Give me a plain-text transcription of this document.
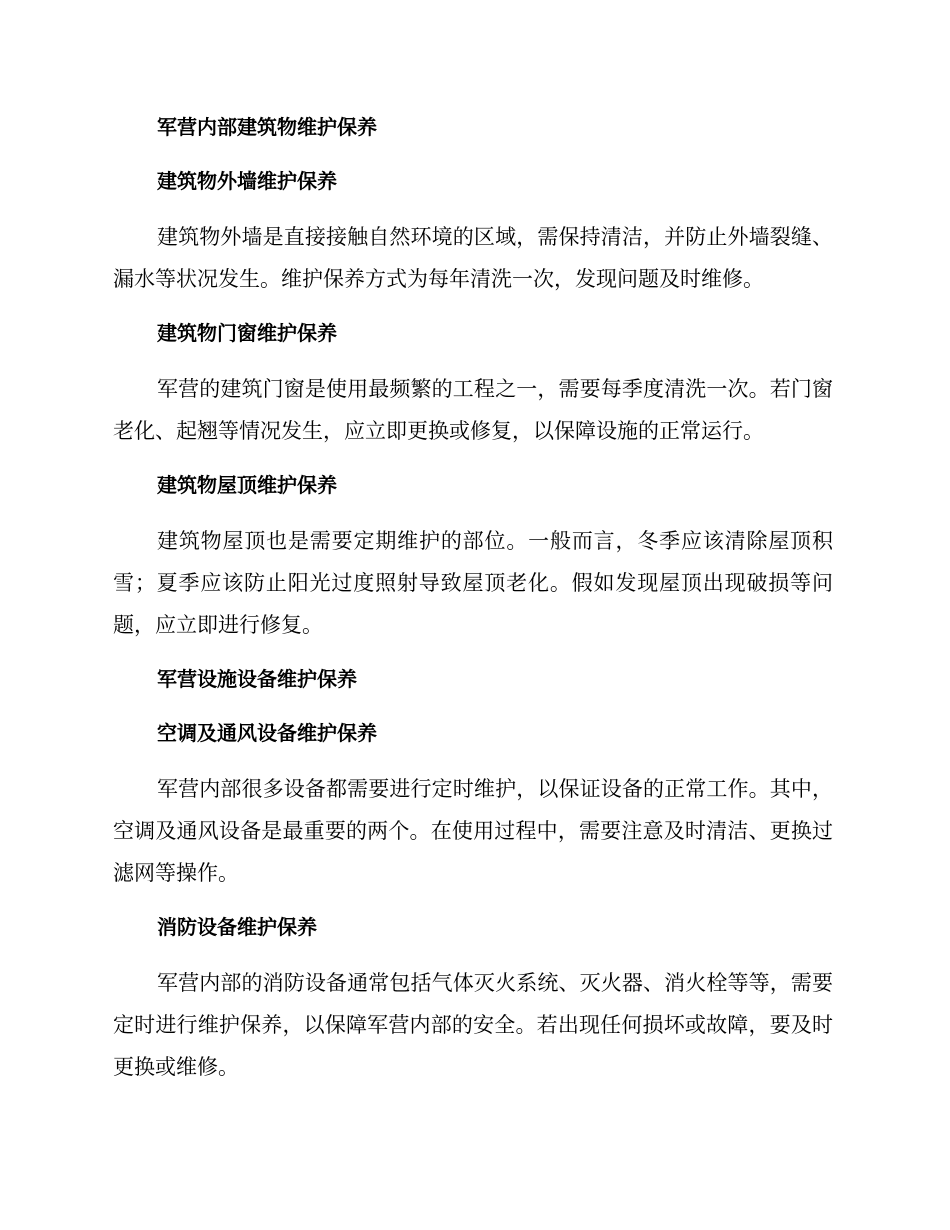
军营内部建筑物维护保养
建筑物外墙维护保养

建筑物外墙是直接接触自然环境的区域，需保持清洁，并防止外墙裂缝、漏水等状况发生。维护保养方式为每年清洗一次，发现问题及时维修。

建筑物门窗维护保养

军营的建筑门窗是使用最频繁的工程之一，需要每季度清洗一次。若门窗老化、起翘等情况发生，应立即更换或修复，以保障设施的正常运行。

建筑物屋顶维护保养

建筑物屋顶也是需要定期维护的部位。一般而言，冬季应该清除屋顶积雪；夏季应该防止阳光过度照射导致屋顶老化。假如发现屋顶出现破损等问题，应立即进行修复。

军营设施设备维护保养
空调及通风设备维护保养

军营内部很多设备都需要进行定时维护，以保证设备的正常工作。其中，空调及通风设备是最重要的两个。在使用过程中，需要注意及时清洁、更换过滤网等操作。

消防设备维护保养

军营内部的消防设备通常包括气体灭火系统、灭火器、消火栓等等，需要定时进行维护保养，以保障军营内部的安全。若出现任何损坏或故障，要及时更换或维修。
